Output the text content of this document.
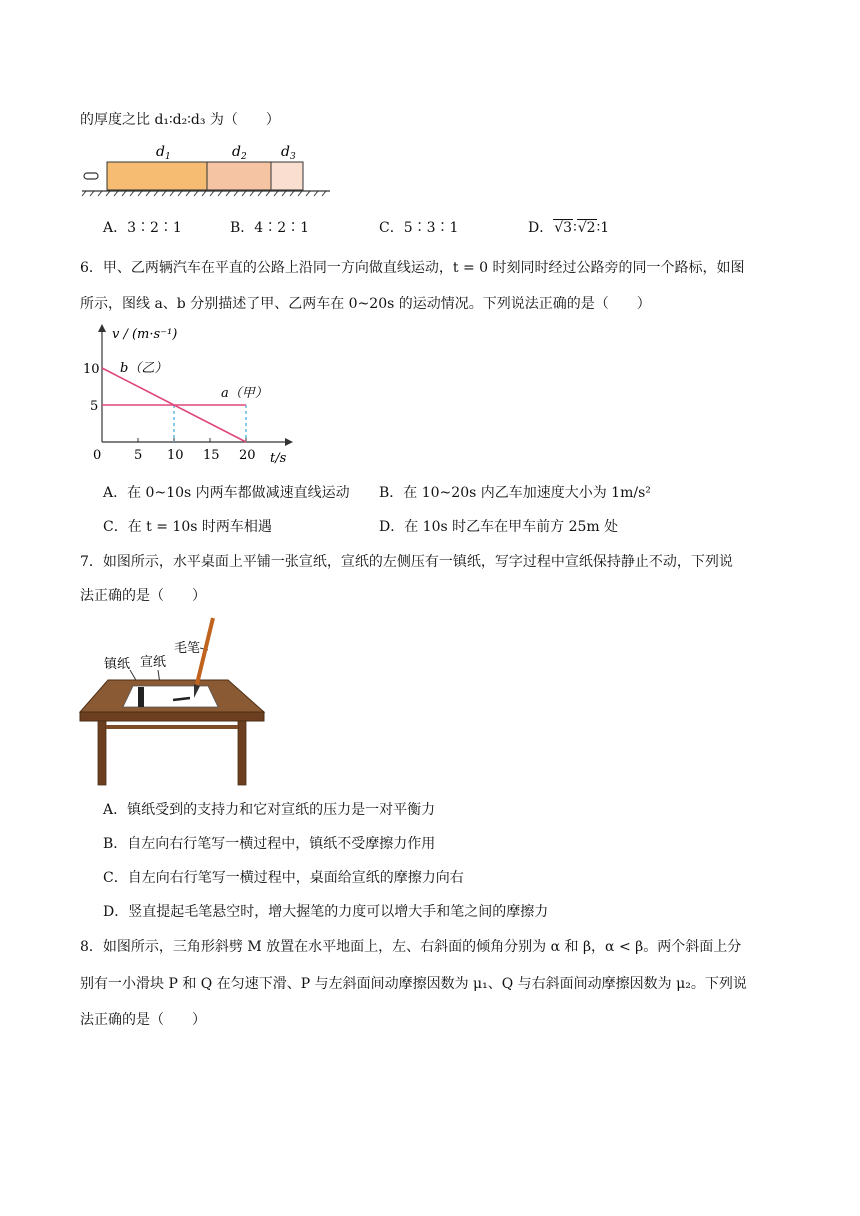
的厚度之比 d₁∶d₂∶d₃ 为（　　）
$d_1$	$d_2$ $d_3$
A．3∶2∶1	B．4∶2∶1	C．5∶3∶1	D．√3∶√2∶1
6．甲、乙两辆汽车在平直的公路上沿同一方向做直线运动，t = 0 时刻同时经过公路旁的同一个路标，如图
所示，图线 a、b 分别描述了甲、乙两车在 0~20s 的运动情况。下列说法正确的是（　　）
v / (m·s⁻¹)
b（乙）
a（甲）
10
5
0	5 10 15 20 t/s
A．在 0~10s 内两车都做减速直线运动 B．在 10~20s 内乙车加速度大小为 1m/s²
C．在 t = 10s 时两车相遇	D．在 10s 时乙车在甲车前方 25m 处
7．如图所示，水平桌面上平铺一张宣纸，宣纸的左侧压有一镇纸，写字过程中宣纸保持静止不动，下列说
法正确的是（　　）
镇纸 宣纸
毛笔
A．镇纸受到的支持力和它对宣纸的压力是一对平衡力
B．自左向右行笔写一横过程中，镇纸不受摩擦力作用
C．自左向右行笔写一横过程中，桌面给宣纸的摩擦力向右
D．竖直提起毛笔悬空时，增大握笔的力度可以增大手和笔之间的摩擦力
8．如图所示，三角形斜劈 M 放置在水平地面上，左、右斜面的倾角分别为 α 和 β，α < β。两个斜面上分
别有一小滑块 P 和 Q 在匀速下滑、P 与左斜面间动摩擦因数为 μ₁、Q 与右斜面间动摩擦因数为 μ₂。下列说
法正确的是（　　）
